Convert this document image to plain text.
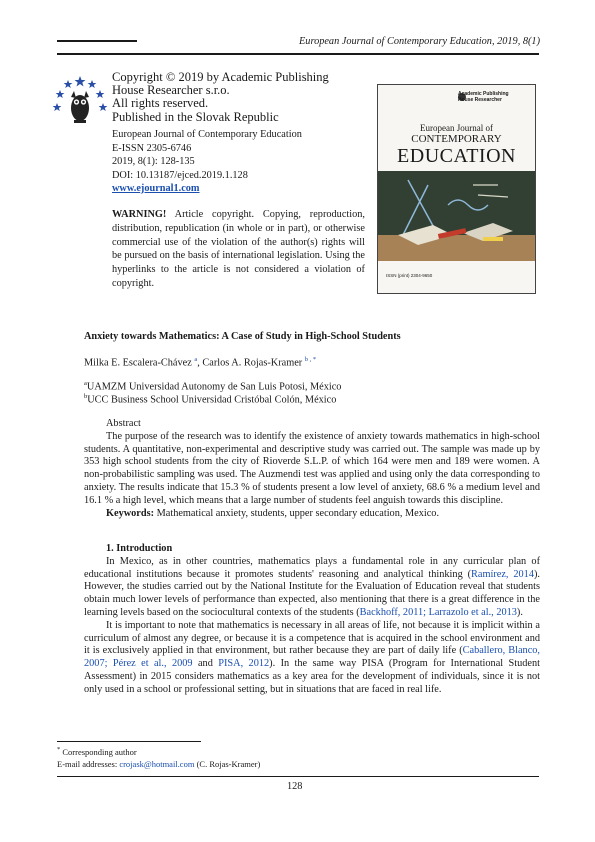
European Journal of Contemporary Education, 2019, 8(1)
Copyright © 2019 by Academic Publishing
House Researcher s.r.o.
All rights reserved.
Published in the Slovak Republic
European Journal of Contemporary Education
E-ISSN 2305-6746
2019, 8(1): 128-135
DOI: 10.13187/ejced.2019.1.128
www.ejournal1.com
WARNING! Article copyright. Copying, reproduction, distribution, republication (in whole or in part), or otherwise commercial use of the violation of the author(s) rights will be pursued on the basis of international legislation. Using the hyperlinks to the article is not considered a violation of copyright.
Academic Publishing
House Researcher
European Journal of
CONTEMPORARY
EDUCATION
ISSN (print) 2304-9650
Anxiety towards Mathematics: A Case of Study in High-School Students
Milka E. Escalera-Chávez $^a$, Carlos A. Rojas-Kramer $^{b , *}$
$^a$UAMZM Universidad Autonomy de San Luis Potosi, México
$^b$UCC Business School Universidad Cristóbal Colón, México
Abstract
The purpose of the research was to identify the existence of anxiety towards mathematics in high-school students. A quantitative, non-experimental and descriptive study was carried out. The sample was made up by 353 high school students from the city of Rioverde S.L.P. of which 164 were men and 189 were women. A non-probabilistic sampling was used. The Auzmendi test was applied and using only the data corresponding to anxiety. The results indicate that 15.3 % of students present a low level of anxiety, 68.6 % a medium level and 16.1 % a high level, which means that a large number of students feel anguish towards this discipline.
Keywords: Mathematical anxiety, students, upper secondary education, Mexico.
1. Introduction
In Mexico, as in other countries, mathematics plays a fundamental role in any curricular plan of educational institutions because it promotes students' reasoning and analytical thinking (Ramírez, 2014). However, the studies carried out by the National Institute for the Evaluation of Education reveal that students obtain much lower levels of performance than expected, also mentioning that there is a great difference in the learning levels based on the sociocultural contexts of the students (Backhoff, 2011; Larrazolo et al., 2013).
It is important to note that mathematics is necessary in all areas of life, not because it is implicit within a curriculum of almost any degree, or because it is a competence that is acquired in the school environment and it is exclusively applied in that environment, but rather because they are part of daily life (Caballero, Blanco, 2007; Pérez et al., 2009 and PISA, 2012). In the same way PISA (Program for International Student Assessment) in 2015 considers mathematics as a key area for the development of individuals, since it is not only used in a school or professional setting, but in situations that are faced in real life.
* Corresponding author
E-mail addresses: crojask@hotmail.com (C. Rojas-Kramer)
128
